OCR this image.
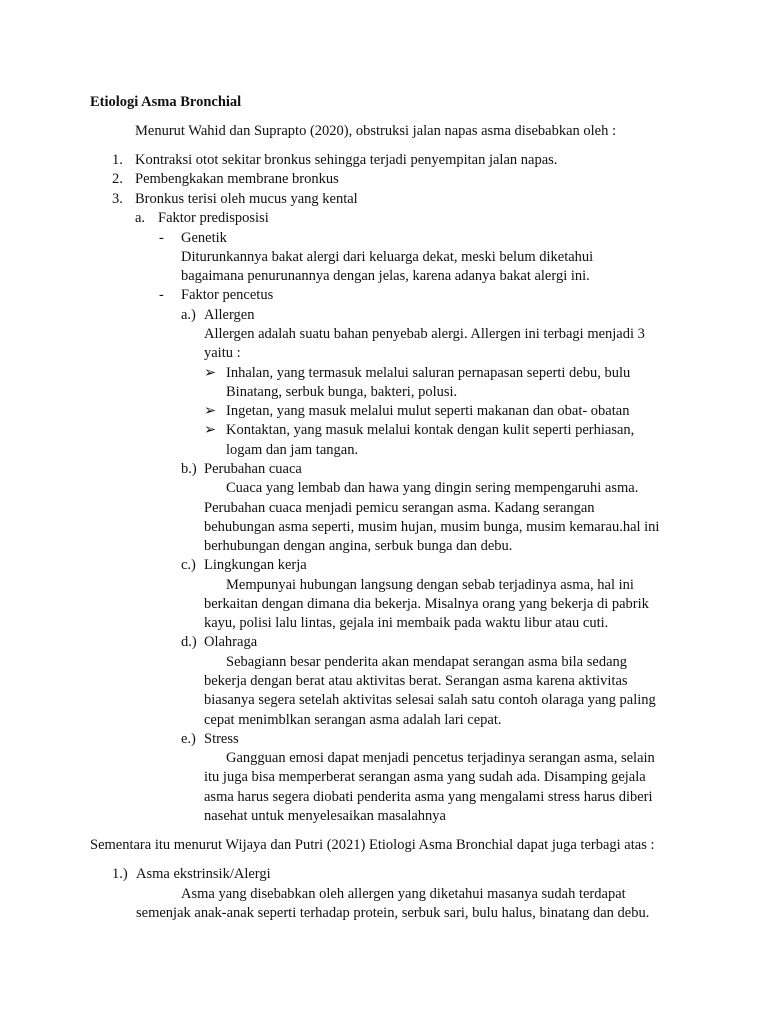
Etiologi Asma Bronchial
Menurut Wahid dan Suprapto (2020), obstruksi jalan napas asma disebabkan oleh :
1. Kontraksi otot sekitar bronkus sehingga terjadi penyempitan jalan napas.
2. Pembengkakan membrane bronkus
3. Bronkus terisi oleh mucus yang kental
a. Faktor predisposisi
- Genetik
Diturunkannya bakat alergi dari keluarga dekat, meski belum diketahui
bagaimana penurunannya dengan jelas, karena adanya bakat alergi ini.
- Faktor pencetus
a.) Allergen
Allergen adalah suatu bahan penyebab alergi. Allergen ini terbagi menjadi 3
yaitu :
➢ Inhalan, yang termasuk melalui saluran pernapasan seperti debu, bulu
Binatang, serbuk bunga, bakteri, polusi.
➢ Ingetan, yang masuk melalui mulut seperti makanan dan obat- obatan
➢ Kontaktan, yang masuk melalui kontak dengan kulit seperti perhiasan,
logam dan jam tangan.
b.) Perubahan cuaca
Cuaca yang lembab dan hawa yang dingin sering mempengaruhi asma.
Perubahan cuaca menjadi pemicu serangan asma. Kadang serangan
behubungan asma seperti, musim hujan, musim bunga, musim kemarau.hal ini
berhubungan dengan angina, serbuk bunga dan debu.
c.) Lingkungan kerja
Mempunyai hubungan langsung dengan sebab terjadinya asma, hal ini
berkaitan dengan dimana dia bekerja. Misalnya orang yang bekerja di pabrik
kayu, polisi lalu lintas, gejala ini membaik pada waktu libur atau cuti.
d.) Olahraga
Sebagiann besar penderita akan mendapat serangan asma bila sedang
bekerja dengan berat atau aktivitas berat. Serangan asma karena aktivitas
biasanya segera setelah aktivitas selesai salah satu contoh olaraga yang paling
cepat menimblkan serangan asma adalah lari cepat.
e.) Stress
Gangguan emosi dapat menjadi pencetus terjadinya serangan asma, selain
itu juga bisa memperberat serangan asma yang sudah ada. Disamping gejala
asma harus segera diobati penderita asma yang mengalami stress harus diberi
nasehat untuk menyelesaikan masalahnya
Sementara itu menurut Wijaya dan Putri (2021) Etiologi Asma Bronchial dapat juga terbagi atas :
1.) Asma ekstrinsik/Alergi
Asma yang disebabkan oleh allergen yang diketahui masanya sudah terdapat
semenjak anak-anak seperti terhadap protein, serbuk sari, bulu halus, binatang dan debu.
